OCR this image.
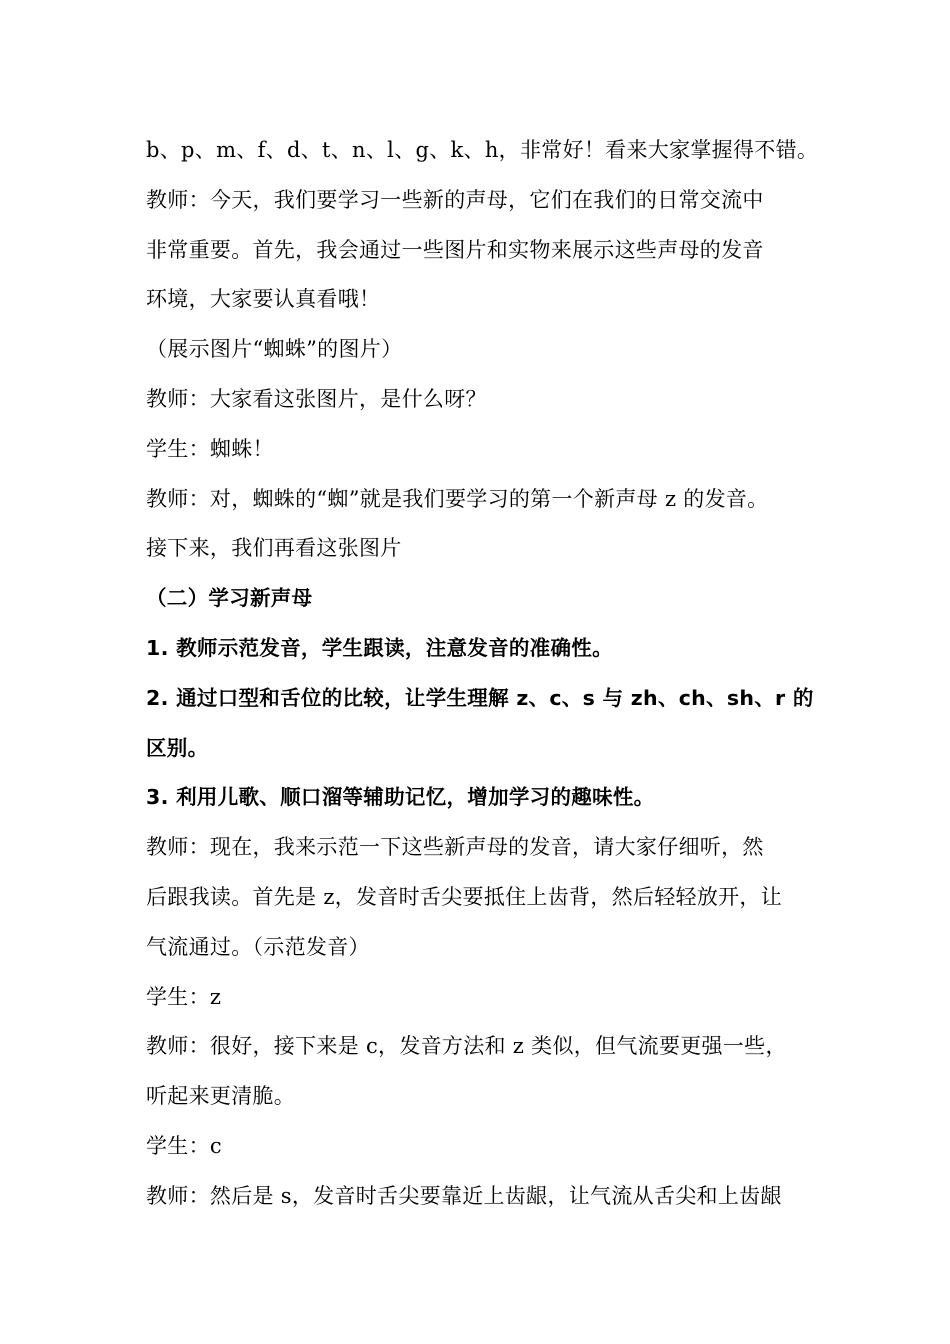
b、p、m、f、d、t、n、l、g、k、h，非常好！看来大家掌握得不错。
教师：今天，我们要学习一些新的声母，它们在我们的日常交流中
非常重要。首先，我会通过一些图片和实物来展示这些声母的发音
环境，大家要认真看哦！
（展示图片“蜘蛛”的图片）
教师：大家看这张图片，是什么呀？
学生：蜘蛛！
教师：对，蜘蛛的“蜘”就是我们要学习的第一个新声母 z 的发音。
接下来，我们再看这张图片
（二）学习新声母
1. 教师示范发音，学生跟读，注意发音的准确性。
2. 通过口型和舌位的比较，让学生理解 z、c、s 与 zh、ch、sh、r 的
区别。
3. 利用儿歌、顺口溜等辅助记忆，增加学习的趣味性。
教师：现在，我来示范一下这些新声母的发音，请大家仔细听，然
后跟我读。首先是 z，发音时舌尖要抵住上齿背，然后轻轻放开，让
气流通过。（示范发音）
学生：z
教师：很好，接下来是 c，发音方法和 z 类似，但气流要更强一些，
听起来更清脆。
学生：c
教师：然后是 s，发音时舌尖要靠近上齿龈，让气流从舌尖和上齿龈
